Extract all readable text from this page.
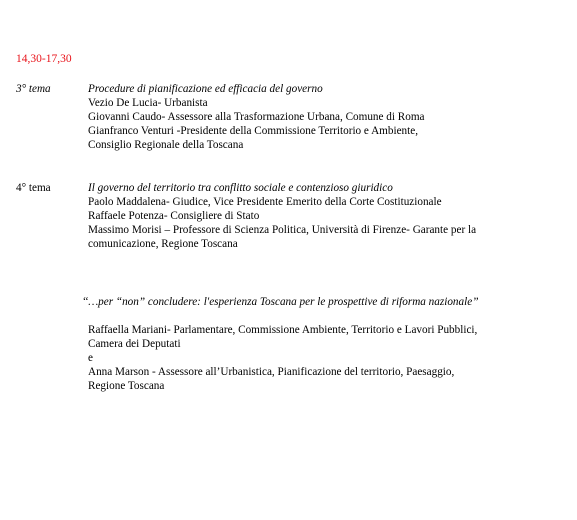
14,30-17,30
3° tema	Procedure di pianificazione ed efficacia del governo
Vezio De Lucia- Urbanista
Giovanni Caudo- Assessore alla Trasformazione Urbana, Comune di Roma
Gianfranco Venturi -Presidente della Commissione Territorio e Ambiente,
Consiglio Regionale della Toscana
4° tema	Il governo del territorio tra conflitto sociale e contenzioso giuridico
Paolo Maddalena- Giudice, Vice Presidente Emerito della Corte Costituzionale
Raffaele Potenza- Consigliere di Stato
Massimo Morisi – Professore di Scienza Politica, Università di Firenze- Garante per la
comunicazione, Regione Toscana
‘‘…per “non” concludere: l'esperienza Toscana per le prospettive di riforma nazionale’’
Raffaella Mariani- Parlamentare, Commissione Ambiente, Territorio e Lavori Pubblici,
Camera dei Deputati
e
Anna Marson - Assessore all’Urbanistica, Pianificazione del territorio, Paesaggio,
Regione Toscana
